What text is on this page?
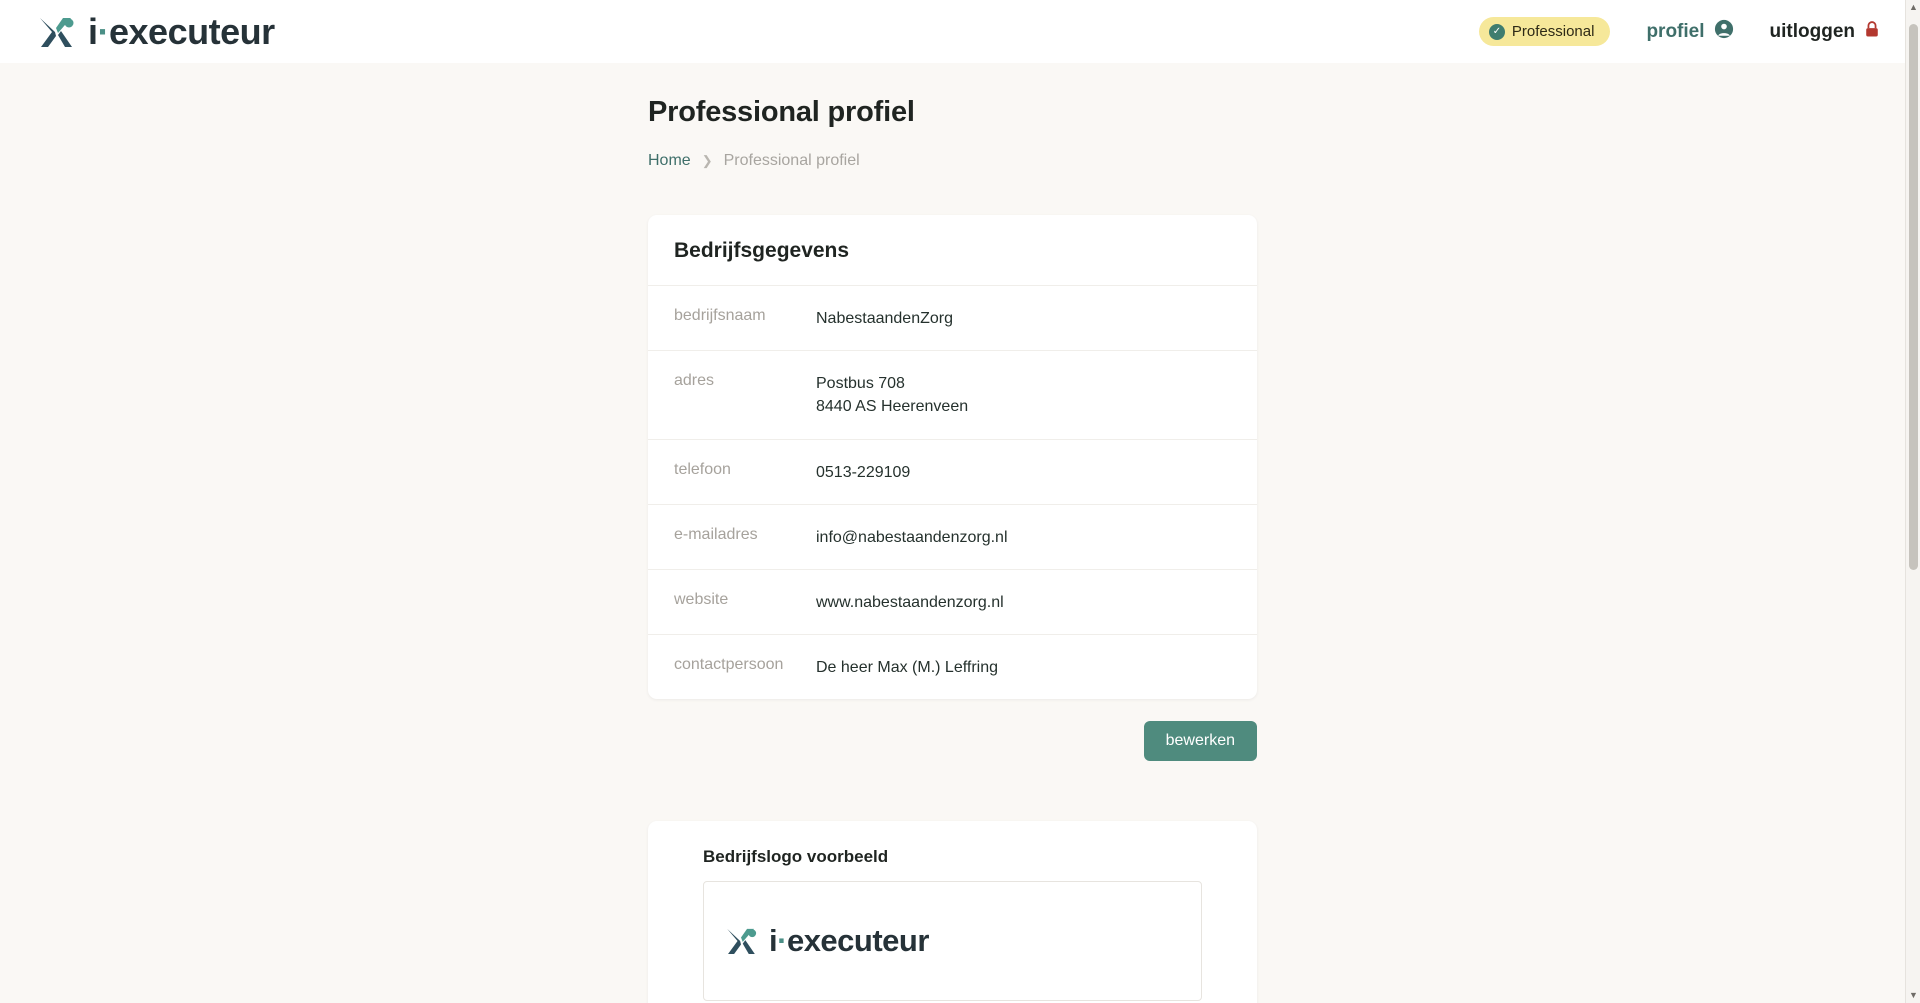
i·executeur	✓ Professional	profiel	uitloggen
Professional profiel
Home ❯ Professional profiel
Bedrijfsgegevens
bedrijfsnaam	NabestaandenZorg
adres	Postbus 708
8440 AS Heerenveen
telefoon	0513-229109
e-mailadres	info@nabestaandenzorg.nl
website	www.nabestaandenzorg.nl
contactpersoon	De heer Max (M.) Leffring
bewerken
Bedrijfslogo voorbeeld
i·executeur
▲
▼
